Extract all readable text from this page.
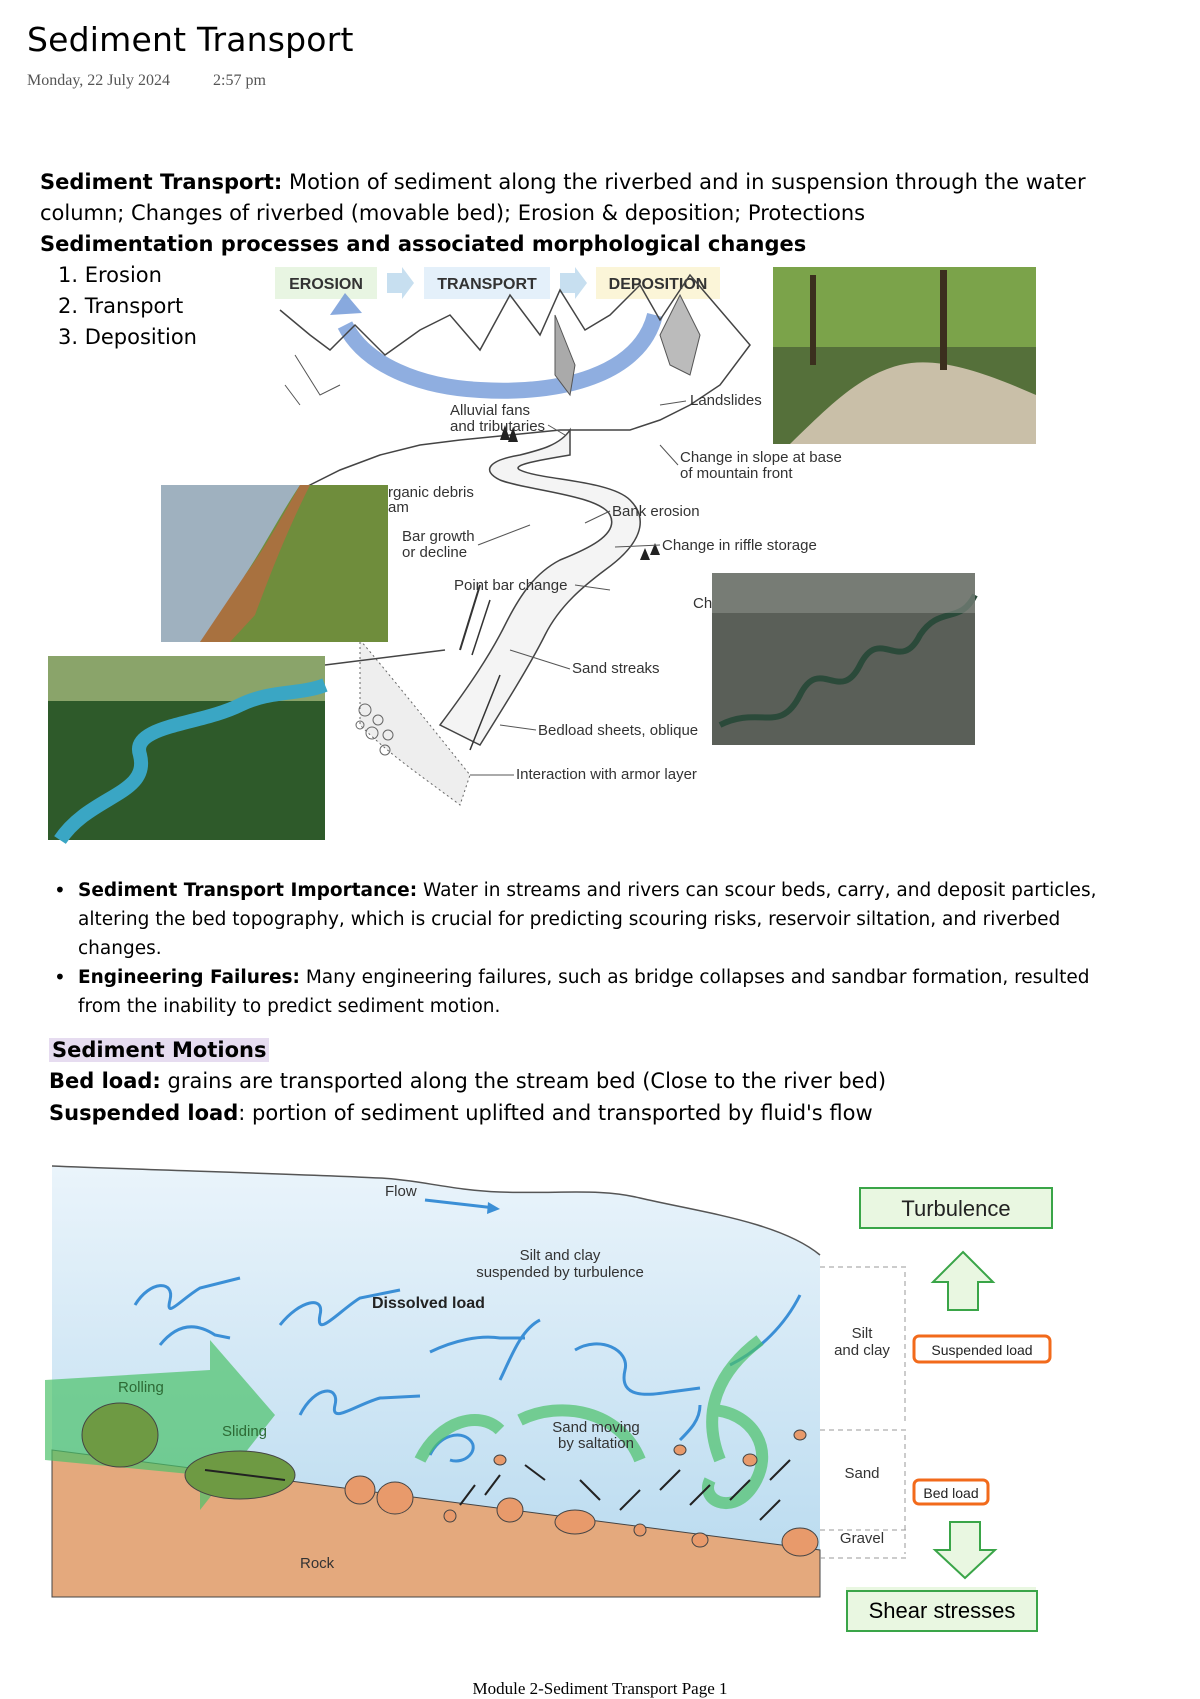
Sediment Transport
Monday, 22 July 2024	2:57 pm
Sediment Transport: Motion of sediment along the riverbed and in suspension through the water column; Changes of riverbed (movable bed); Erosion & deposition; Protections
Sedimentation processes and associated morphological changes
1. Erosion
2. Transport
3. Deposition
EROSION	TRANSPORT	DEPOSITION
Alluvial fans
and tributaries
Landslides
Change in slope at base
of mountain front
rganic debris
am	Bank erosion
Bar growth
or decline	Change in riffle storage
Point bar change
Ch
Sand streaks
Bedload sheets, oblique
Interaction with armor layer
• Sediment Transport Importance: Water in streams and rivers can scour beds, carry, and deposit particles, altering the bed topography, which is crucial for predicting scouring risks, reservoir siltation, and riverbed changes.
• Engineering Failures: Many engineering failures, such as bridge collapses and sandbar formation, resulted from the inability to predict sediment motion.
Sediment Motions
Bed load: grains are transported along the stream bed (Close to the river bed)
Suspended load: portion of sediment uplifted and transported by fluid's flow
Flow
Silt and clay
suspended by turbulence
Dissolved load
Rolling
Sliding	Sand moving
by saltation
Rock
Silt
and clay
Sand
Gravel
Turbulence
Suspended load
Bed load
Shear stresses
Module 2-Sediment Transport Page 1
